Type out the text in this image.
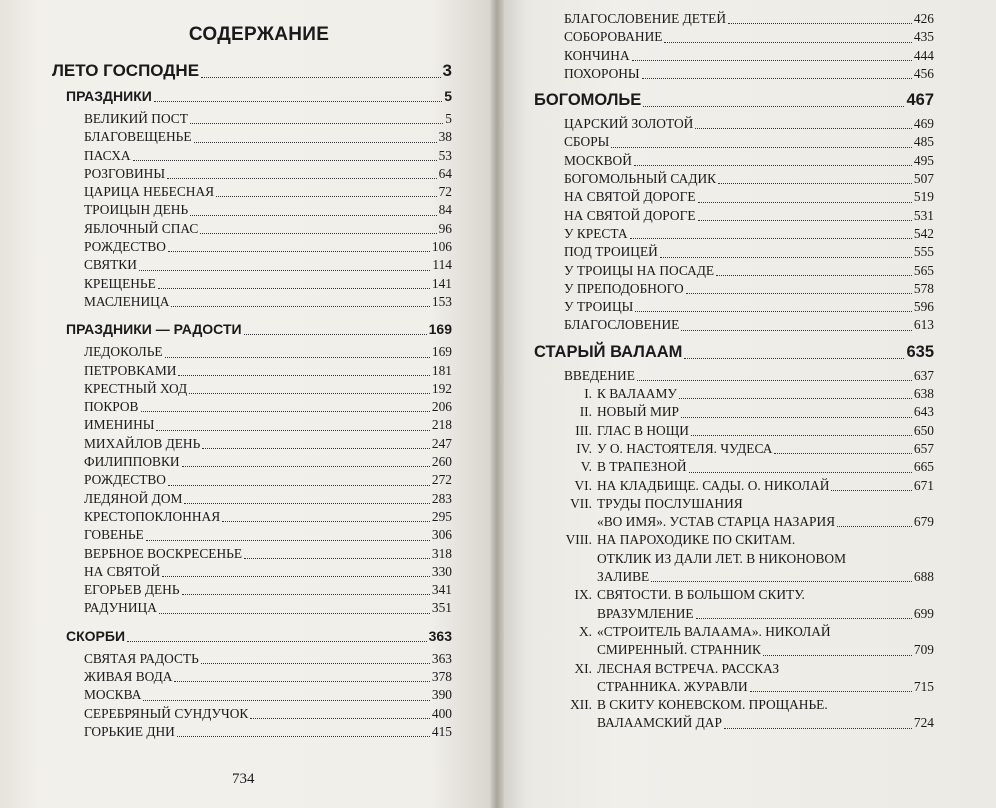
СОДЕРЖАНИЕ
ЛЕТО ГОСПОДНЕ	3
ПРАЗДНИКИ	5
ВЕЛИКИЙ ПОСТ	5
БЛАГОВЕЩЕНЬЕ	38
ПАСХА	53
РОЗГОВИНЫ	64
ЦАРИЦА НЕБЕСНАЯ	72
ТРОИЦЫН ДЕНЬ	84
ЯБЛОЧНЫЙ СПАС	96
РОЖДЕСТВО	106
СВЯТКИ	114
КРЕЩЕНЬЕ	141
МАСЛЕНИЦА	153
ПРАЗДНИКИ — РАДОСТИ	169
ЛЕДОКОЛЬЕ	169
ПЕТРОВКАМИ	181
КРЕСТНЫЙ ХОД	192
ПОКРОВ	206
ИМЕНИНЫ	218
МИХАЙЛОВ ДЕНЬ	247
ФИЛИППОВКИ	260
РОЖДЕСТВО	272
ЛЕДЯНОЙ ДОМ	283
КРЕСТОПОКЛОННАЯ	295
ГОВЕНЬЕ	306
ВЕРБНОЕ ВОСКРЕСЕНЬЕ	318
НА СВЯТОЙ	330
ЕГОРЬЕВ ДЕНЬ	341
РАДУНИЦА	351
СКОРБИ	363
СВЯТАЯ РАДОСТЬ	363
ЖИВАЯ ВОДА	378
МОСКВА	390
СЕРЕБРЯНЫЙ СУНДУЧОК	400
ГОРЬКИЕ ДНИ	415
734
БЛАГОСЛОВЕНИЕ ДЕТЕЙ	426
СОБОРОВАНИЕ	435
КОНЧИНА	444
ПОХОРОНЫ	456
БОГОМОЛЬЕ	467
ЦАРСКИЙ ЗОЛОТОЙ	469
СБОРЫ	485
МОСКВОЙ	495
БОГОМОЛЬНЫЙ САДИК	507
НА СВЯТОЙ ДОРОГЕ	519
НА СВЯТОЙ ДОРОГЕ	531
У КРЕСТА	542
ПОД ТРОИЦЕЙ	555
У ТРОИЦЫ НА ПОСАДЕ	565
У ПРЕПОДОБНОГО	578
У ТРОИЦЫ	596
БЛАГОСЛОВЕНИЕ	613
СТАРЫЙ ВАЛААМ	635
ВВЕДЕНИЕ	637
I. К ВАЛААМУ	638
II. НОВЫЙ МИР	643
III. ГЛАС В НОЩИ	650
IV. У О. НАСТОЯТЕЛЯ. ЧУДЕСА	657
V. В ТРАПЕЗНОЙ	665
VI. НА КЛАДБИЩЕ. САДЫ. О. НИКОЛАЙ	671
VII. ТРУДЫ ПОСЛУШАНИЯ
«ВО ИМЯ». УСТАВ СТАРЦА НАЗАРИЯ	679
VIII. НА ПАРОХОДИКЕ ПО СКИТАМ.
ОТКЛИК ИЗ ДАЛИ ЛЕТ. В НИКОНОВОМ
ЗАЛИВЕ	688
IX. СВЯТОСТИ. В БОЛЬШОМ СКИТУ.
ВРАЗУМЛЕНИЕ	699
X. «СТРОИТЕЛЬ ВАЛААМА». НИКОЛАЙ
СМИРЕННЫЙ. СТРАННИК	709
XI. ЛЕСНАЯ ВСТРЕЧА. РАССКАЗ
СТРАННИКА. ЖУРАВЛИ	715
XII. В СКИТУ КОНЕВСКОМ. ПРОЩАНЬЕ.
ВАЛААМСКИЙ ДАР	724
